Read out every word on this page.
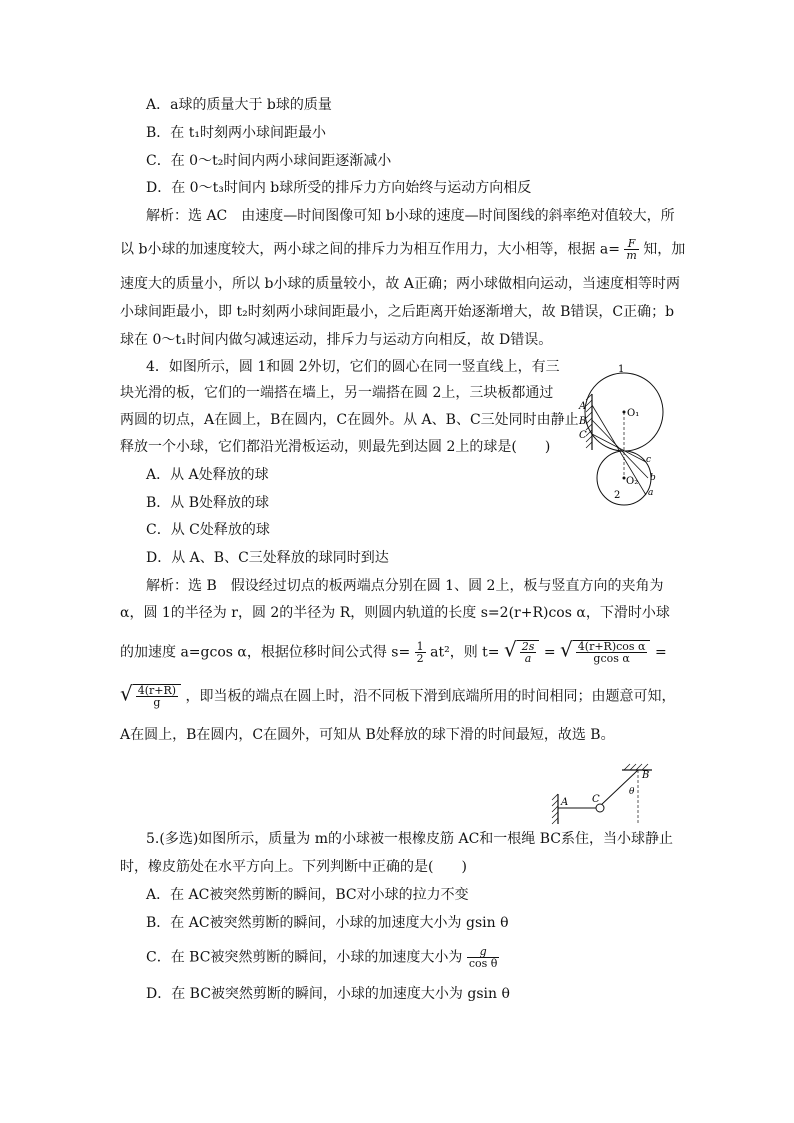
A．a球的质量大于 b球的质量
B．在 t₁时刻两小球间距最小
C．在 0～t₂时间内两小球间距逐渐减小
D．在 0～t₃时间内 b球所受的排斥力方向始终与运动方向相反
解析：选 AC　由速度—时间图像可知 b小球的速度—时间图线的斜率绝对值较大，所
以 b小球的加速度较大，两小球之间的排斥力为相互作用力，大小相等，根据 $a= \frac{F}{m}$ 知，加
速度大的质量小，所以 b小球的质量较小，故 A正确；两小球做相向运动，当速度相等时两
小球间距最小，即 t₂时刻两小球间距最小，之后距离开始逐渐增大，故 B错误，C正确；b
球在 0～t₁时间内做匀减速运动，排斥力与运动方向相反，故 D错误。
4．如图所示，圆 1和圆 2外切，它们的圆心在同一竖直线上，有三
块光滑的板，它们的一端搭在墙上，另一端搭在圆 2上，三块板都通过
两圆的切点，A在圆上，B在圆内，C在圆外。从 A、B、C三处同时由静止
释放一个小球，它们都沿光滑板运动，则最先到达圆 2上的球是(　　)
1
2
O₁
O₂
A
B
C
c
b
a
A．从 A处释放的球
B．从 B处释放的球
C．从 C处释放的球
D．从 A、B、C三处释放的球同时到达
解析：选 B　假设经过切点的板两端点分别在圆 1、圆 2上，板与竖直方向的夹角为
α，圆 1的半径为 r，圆 2的半径为 R，则圆内轨道的长度 s=2(r+R)cos α，下滑时小球
的加速度 a=gcos α，根据位移时间公式得 $s= \frac{1}{2} at^2$，则 t= √ $\frac{2s}{a}$ = √ $\frac{\text{4(r+R)cos α}}{\text{gcos α}}$ =
√ $\frac{4(r+R)}{g}$ ，即当板的端点在圆上时，沿不同板下滑到底端所用的时间相同；由题意可知，
A在圆上，B在圆内，C在圆外，可知从 B处释放的球下滑的时间最短，故选 B。
A
B
C
θ
5.(多选)如图所示，质量为 m的小球被一根橡皮筋 AC和一根绳 BC系住，当小球静止
时，橡皮筋处在水平方向上。下列判断中正确的是(　　)
A．在 AC被突然剪断的瞬间，BC对小球的拉力不变
B．在 AC被突然剪断的瞬间，小球的加速度大小为 gsin θ
C．在 BC被突然剪断的瞬间，小球的加速度大小为 $\frac{g}{\text{cos θ}}$
D．在 BC被突然剪断的瞬间，小球的加速度大小为 gsin θ
